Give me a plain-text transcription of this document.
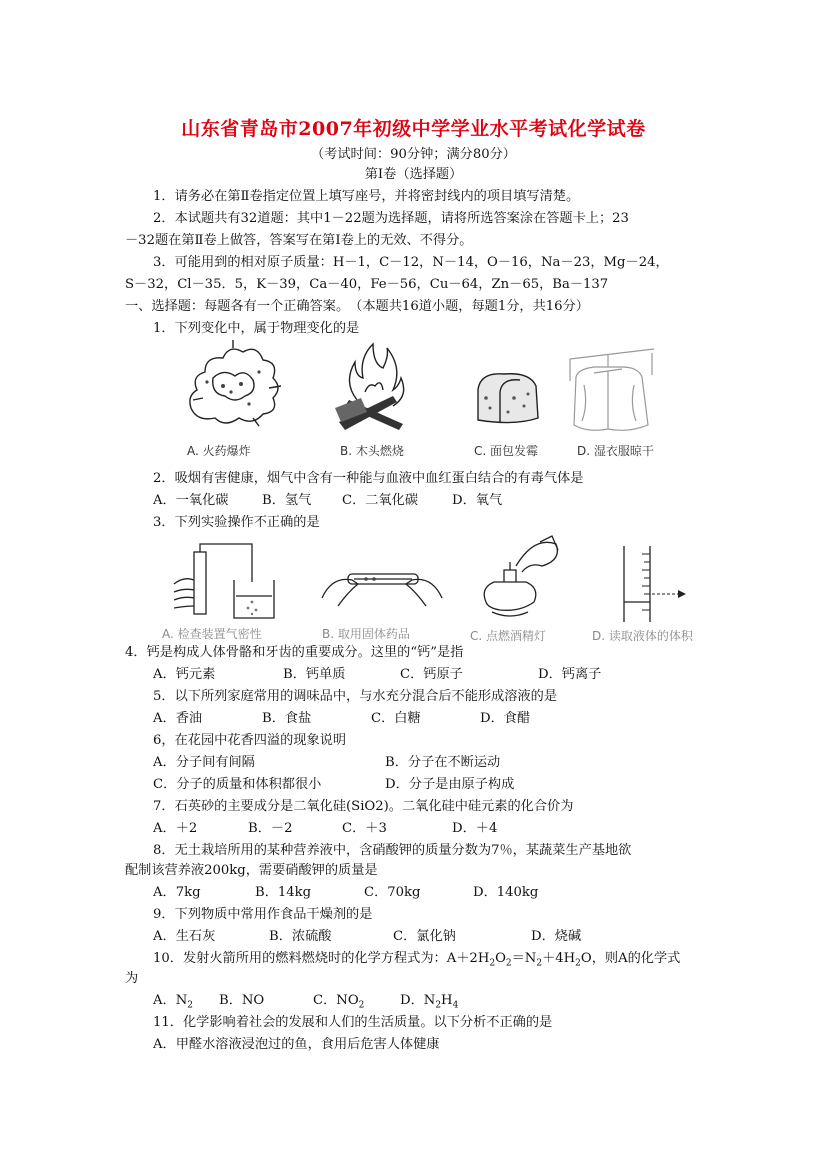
山东省青岛市2007年初级中学学业水平考试化学试卷
（考试时间：90分钟；满分80分）
第Ⅰ卷（选择题）
1．请务必在第Ⅱ卷指定位置上填写座号，并将密封线内的项目填写清楚。
2．本试题共有32道题：其中1－22题为选择题，请将所选答案涂在答题卡上；23
－32题在第Ⅱ卷上做答，答案写在第Ⅰ卷上的无效、不得分。
3．可能用到的相对原子质量：H－1，C－12，N－14，O－16，Na－23，Mg－24，
S－32，Cl－35．5，K－39，Ca－40，Fe－56，Cu－64，Zn－65，Ba－137
一、选择题：每题各有一个正确答案。　（本题共16道小题，每题1分，共16分）
1．下列变化中，属于物理变化的是
A. 火药爆炸	B. 木头燃烧	C. 面包发霉	D. 湿衣服晾干
2．吸烟有害健康，烟气中含有一种能与血液中血红蛋白结合的有毒气体是
A．一氧化碳	B．氢气 C．二氧化碳	D．氧气
3．下列实验操作不正确的是
A. 检查装置气密性	B. 取用固体药品	C. 点燃酒精灯	D. 读取液体的体积
4．钙是构成人体骨骼和牙齿的重要成分。这里的“钙”是指
A．钙元素	B．钙单质	C．钙原子	D．钙离子
5．以下所列家庭常用的调味品中，与水充分混合后不能形成溶液的是
A．香油	B．食盐	C．白糖	D．食醋
6，在花园中花香四溢的现象说明
A．分子间有间隔	B．分子在不断运动
C．分子的质量和体积都很小	D．分子是由原子构成
7．石英砂的主要成分是二氧化硅(SiO2)。二氧化硅中硅元素的化合价为
A．＋2	B．－2	C．＋3	D．＋4
8．无土栽培所用的某种营养液中，含硝酸钾的质量分数为7％，某蔬菜生产基地欲
配制该营养液200kg，需要硝酸钾的质量是
A．7kg	B．14kg	C．70kg	D．140kg
9．下列物质中常用作食品干燥剂的是
A．生石灰	B．浓硫酸	C．氯化钠	D．烧碱
10．发射火箭所用的燃料燃烧时的化学方程式为：$A+2H_2O_2=N_2+4H_2O$，则A的化学式
为
A．$N_2$ B．NO	C．$NO_2$	D．$N_2H_4$
11．化学影响着社会的发展和人们的生活质量。以下分析不正确的是
A．甲醛水溶液浸泡过的鱼，食用后危害人体健康
